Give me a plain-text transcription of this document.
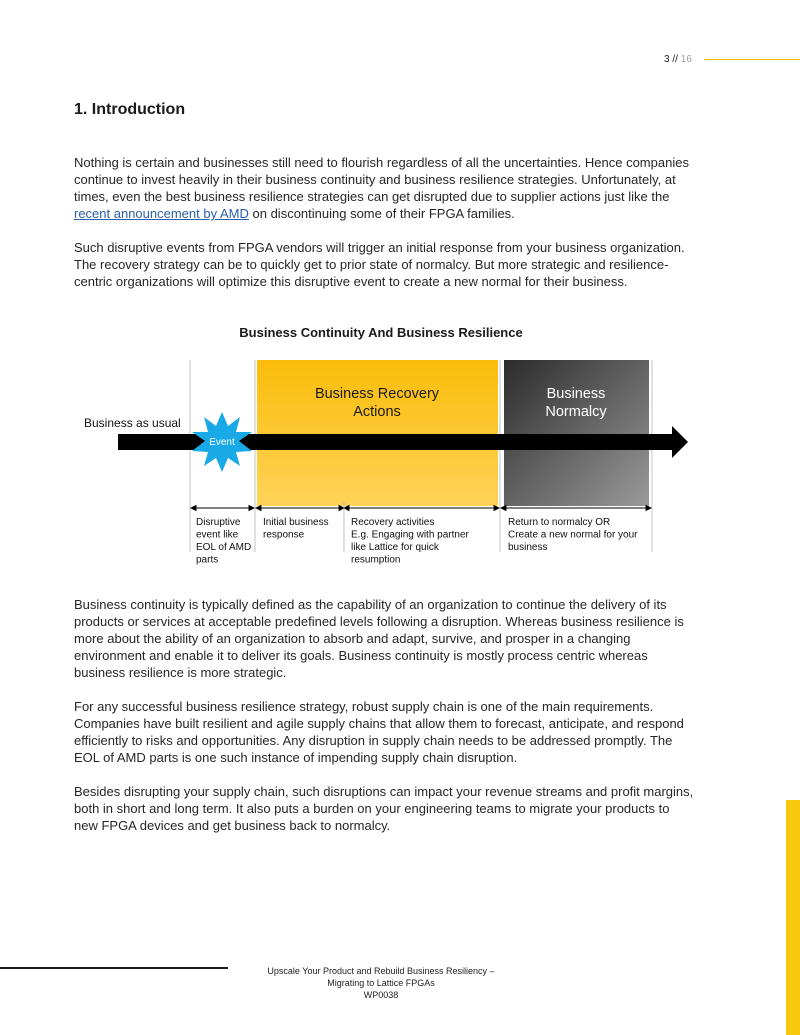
3 // 16
1. Introduction

Nothing is certain and businesses still need to flourish regardless of all the uncertainties. Hence companies continue to invest heavily in their business continuity and business resilience strategies. Unfortunately, at times, even the best business resilience strategies can get disrupted due to supplier actions just like the recent announcement by AMD on discontinuing some of their FPGA families.

Such disruptive events from FPGA vendors will trigger an initial response from your business organization. The recovery strategy can be to quickly get to prior state of normalcy. But more strategic and resilience-centric organizations will optimize this disruptive event to create a new normal for their business.

Business Continuity And Business Resilience
Business Recovery
Actions
Business
Normalcy
Business as usual
Event
Disruptive event like EOL of AMD parts
Initial business response
Recovery activities E.g. Engaging with partner like Lattice for quick resumption
Return to normalcy OR Create a new normal for your business

Business continuity is typically defined as the capability of an organization to continue the delivery of its products or services at acceptable predefined levels following a disruption. Whereas business resilience is more about the ability of an organization to absorb and adapt, survive, and prosper in a changing environment and enable it to deliver its goals. Business continuity is mostly process centric whereas business resilience is more strategic.

For any successful business resilience strategy, robust supply chain is one of the main requirements. Companies have built resilient and agile supply chains that allow them to forecast, anticipate, and respond efficiently to risks and opportunities. Any disruption in supply chain needs to be addressed promptly. The EOL of AMD parts is one such instance of impending supply chain disruption.

Besides disrupting your supply chain, such disruptions can impact your revenue streams and profit margins, both in short and long term. It also puts a burden on your engineering teams to migrate your products to new FPGA devices and get business back to normalcy.

Upscale Your Product and Rebuild Business Resiliency –
Migrating to Lattice FPGAs
WP0038
